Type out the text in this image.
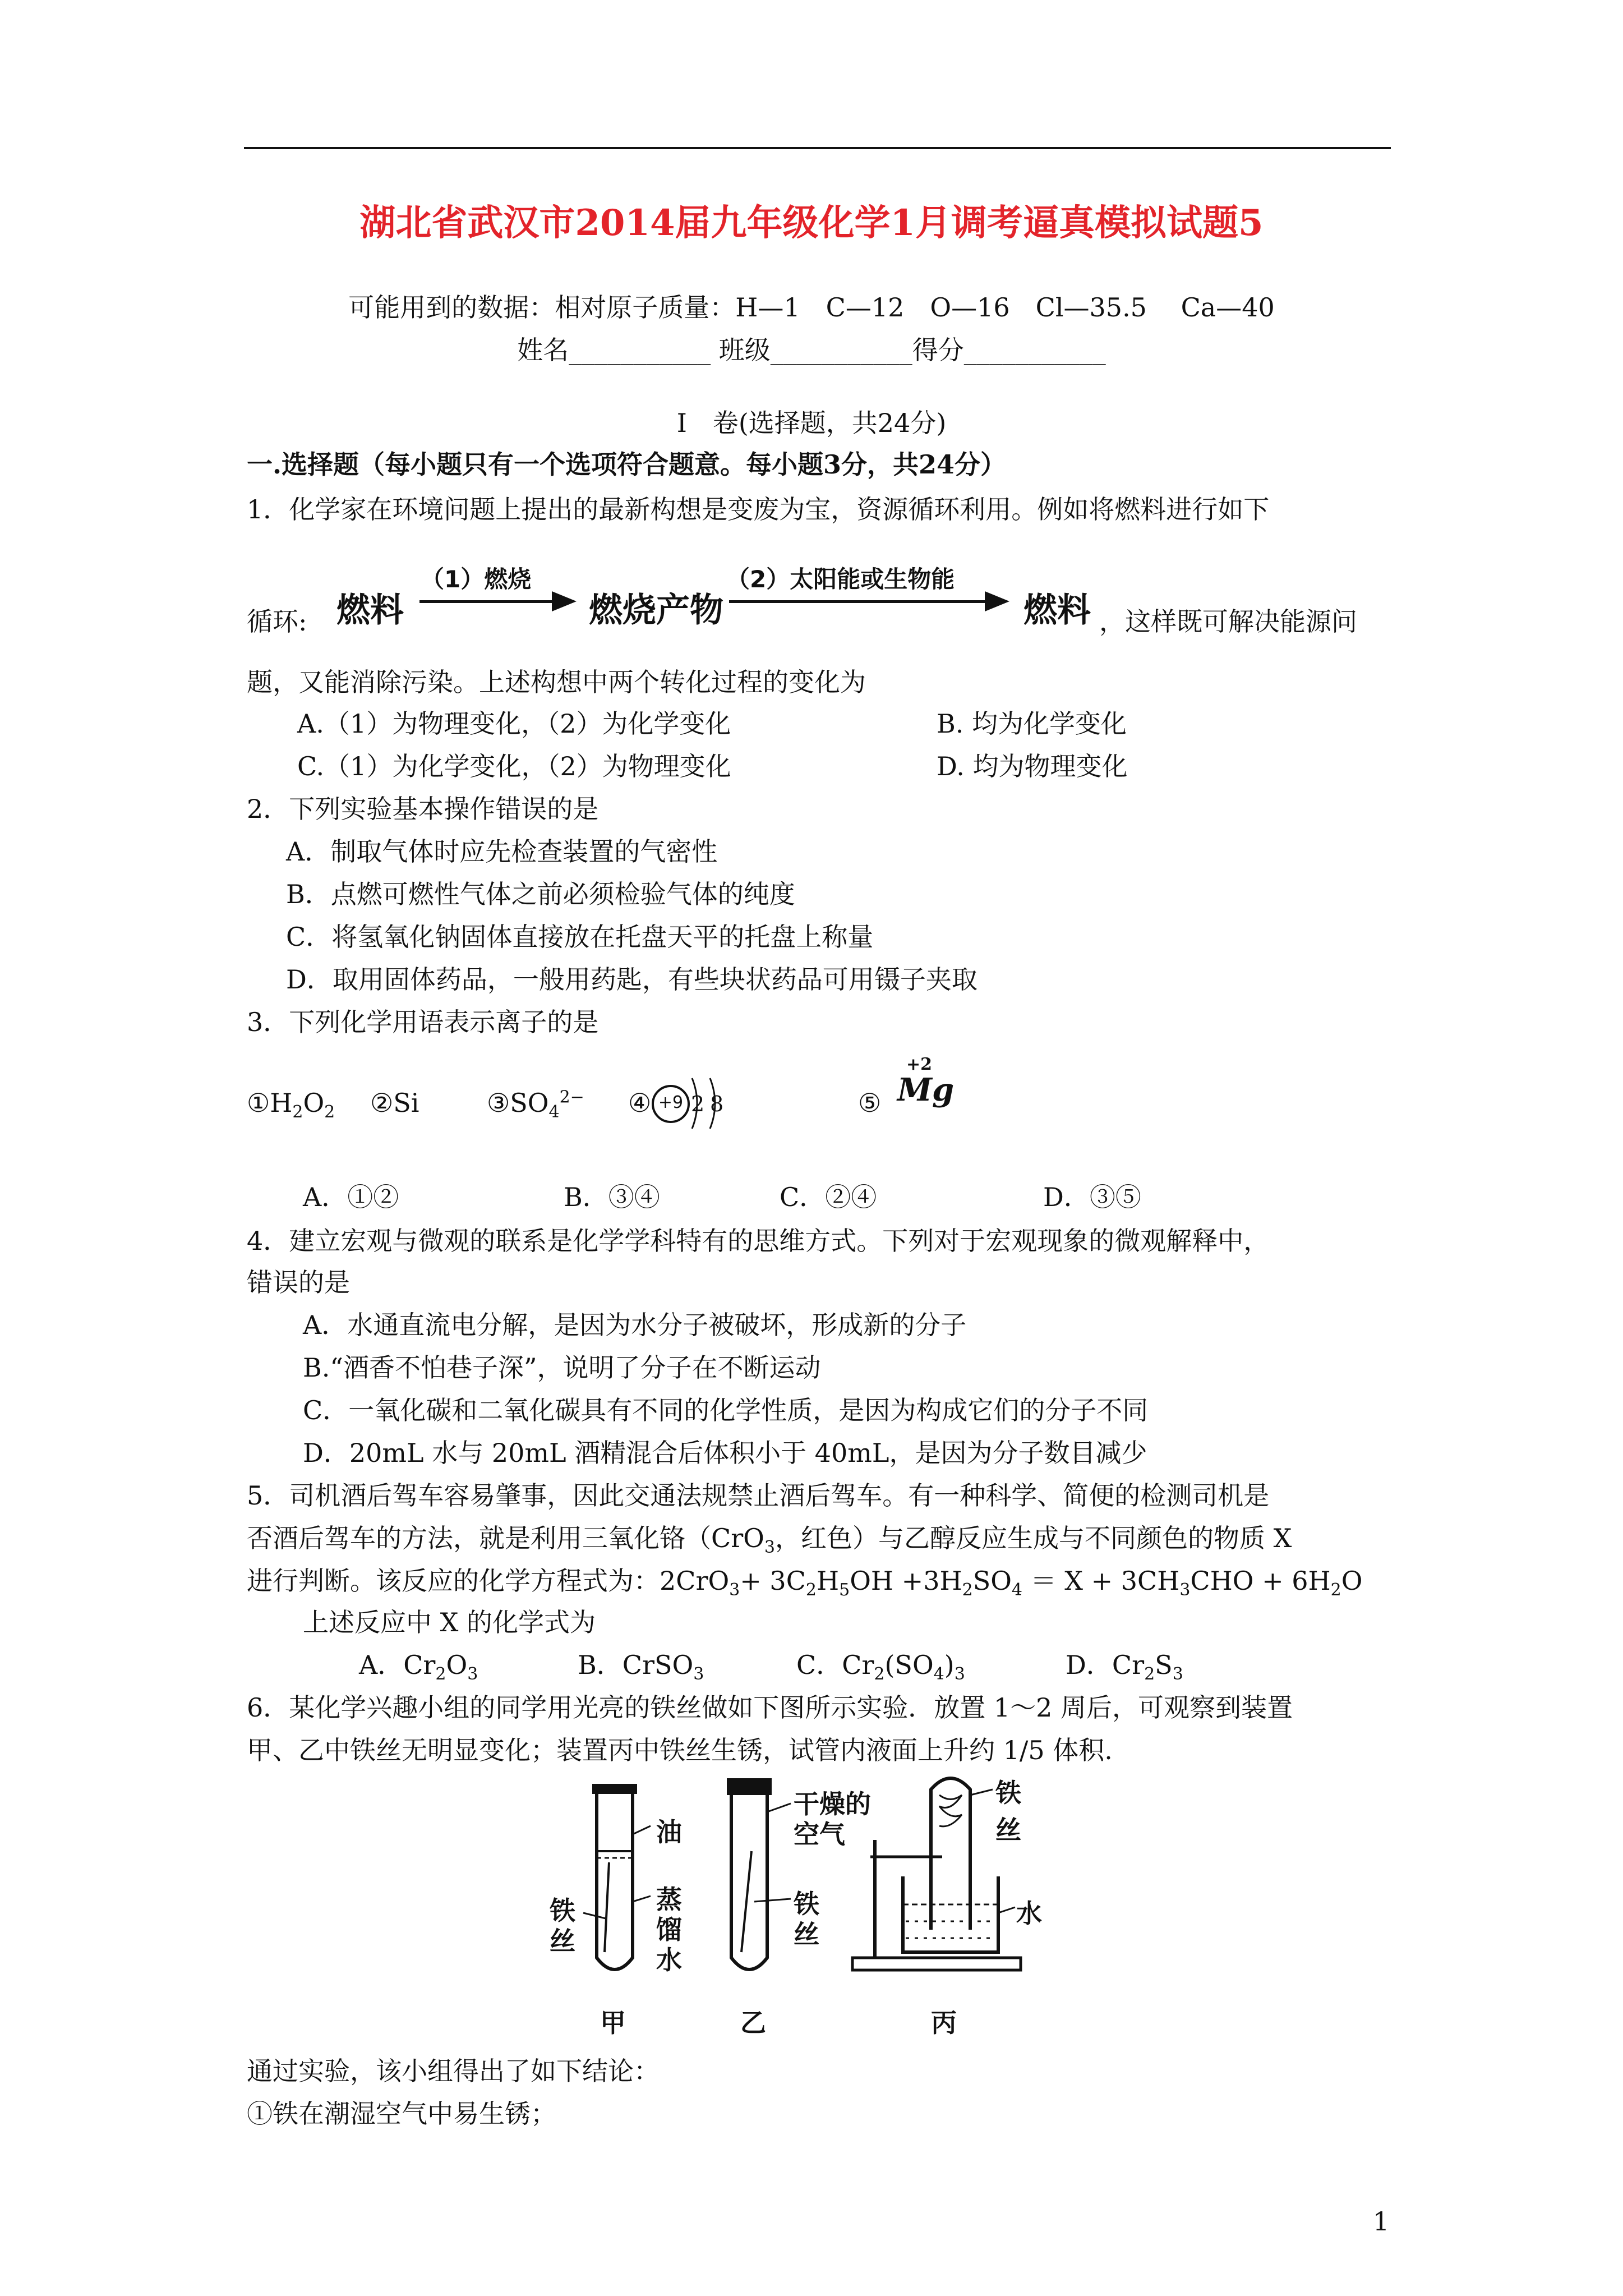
湖北省武汉市2014届九年级化学1月调考逼真模拟试题5
可能用到的数据：相对原子质量：H—1　C—12　O—16　Cl—35.5　 Ca—40
姓名___________ 班级___________得分___________
Ⅰ　卷(选择题，共24分)
一.选择题（每小题只有一个选项符合题意。每小题3分，共24分）
1．化学家在环境问题上提出的最新构想是变废为宝，资源循环利用。例如将燃料进行如下
循环: 燃料
（1）燃烧
燃烧产物
（2）太阳能或生物能
燃料 ，这样既可解决能源问
题，又能消除污染。上述构想中两个转化过程的变化为
A.（1）为物理变化，（2）为化学变化	B. 均为化学变化
C.（1）为化学变化，（2）为物理变化	D. 均为物理变化
2．下列实验基本操作错误的是
A．制取气体时应先检查装置的气密性
B．点燃可燃性气体之前必须检验气体的纯度
C．将氢氧化钠固体直接放在托盘天平的托盘上称量
D．取用固体药品，一般用药匙，有些块状药品可用镊子夹取
3．下列化学用语表示离子的是
$①H_2O_2$ ②Si	$③SO_4^{2-}$ ④ +9 2 8	⑤
+2
Mg
A．①②	B．③④	C．②④	D．③⑤
4．建立宏观与微观的联系是化学学科特有的思维方式。下列对于宏观现象的微观解释中，
错误的是
A．水通直流电分解，是因为水分子被破坏，形成新的分子
B.“酒香不怕巷子深”，说明了分子在不断运动
C．一氧化碳和二氧化碳具有不同的化学性质，是因为构成它们的分子不同
D．20mL 水与 20mL 酒精混合后体积小于 40mL，是因为分子数目减少
5．司机酒后驾车容易肇事，因此交通法规禁止酒后驾车。有一种科学、简便的检测司机是
否酒后驾车的方法，就是利用三氧化铬（CrO$_3$，红色）与乙醇反应生成与不同颜色的物质 X
进行判断。该反应的化学方程式为：$2CrO_3+ 3C_2H_5OH +3H_2SO_4 = X + 3CH_3CHO + 6H_2O$
上述反应中 X 的化学式为
A．$Cr_2O_3$	B．CrSO$_3$	C．$Cr_2(SO_4)_3$	D．$Cr_2S_3$
6．某化学兴趣小组的同学用光亮的铁丝做如下图所示实验．放置 1～2 周后，可观察到装置
甲、乙中铁丝无明显变化；装置丙中铁丝生锈，试管内液面上升约 1/5 体积.
油
铁
丝
蒸
馏
水
干燥的
空气
铁
丝
铁丝
水
甲	乙	丙
通过实验，该小组得出了如下结论：
①铁在潮湿空气中易生锈；
1
